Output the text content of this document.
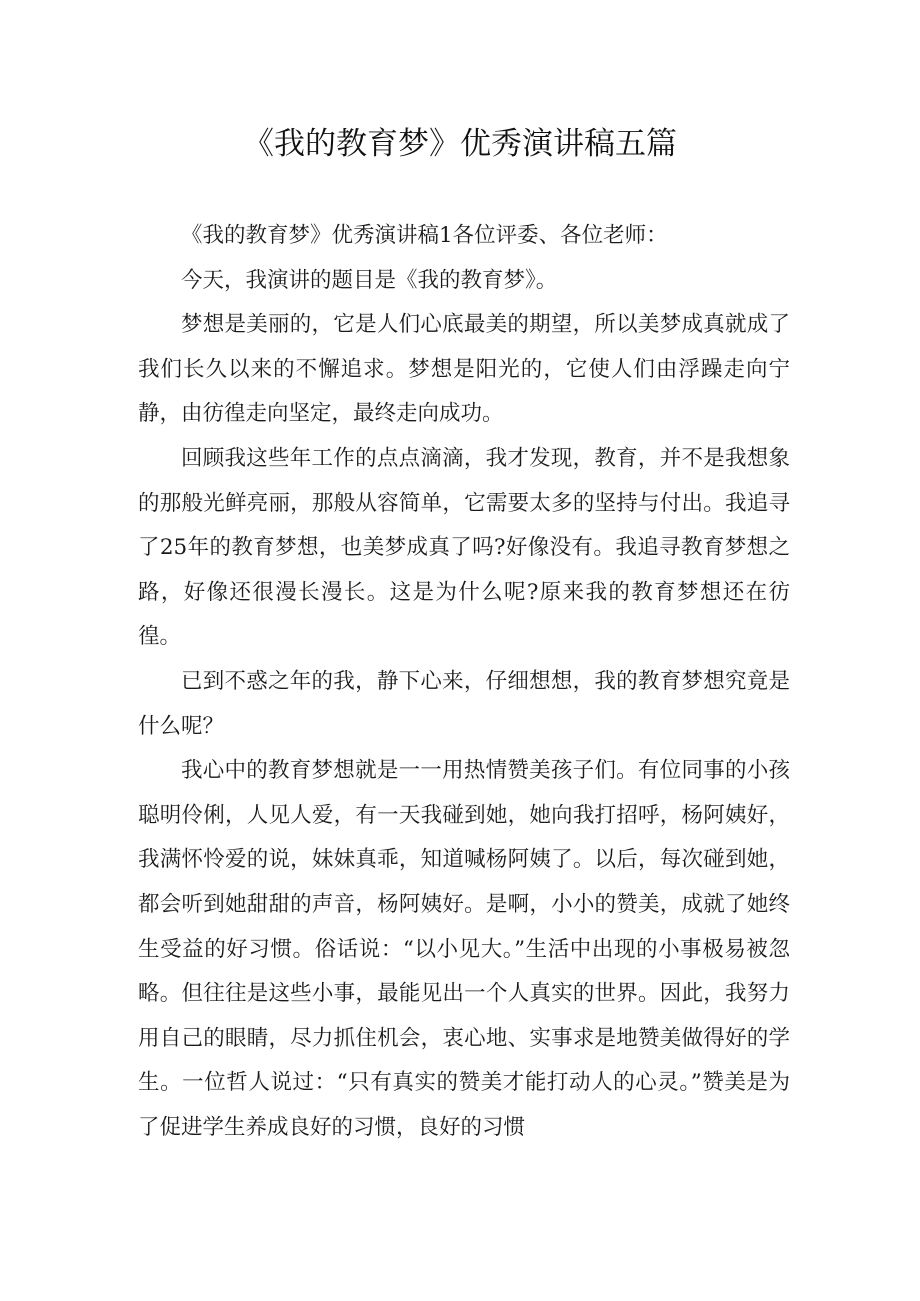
《我的教育梦》优秀演讲稿五篇

《我的教育梦》优秀演讲稿1各位评委、各位老师：

今天，我演讲的题目是《我的教育梦》。

梦想是美丽的，它是人们心底最美的期望，所以美梦成真就成了我们长久以来的不懈追求。梦想是阳光的，它使人们由浮躁走向宁静，由彷徨走向坚定，最终走向成功。

回顾我这些年工作的点点滴滴，我才发现，教育，并不是我想象的那般光鲜亮丽，那般从容简单，它需要太多的坚持与付出。我追寻了25年的教育梦想，也美梦成真了吗?好像没有。我追寻教育梦想之路，好像还很漫长漫长。这是为什么呢?原来我的教育梦想还在彷徨。

已到不惑之年的我，静下心来，仔细想想，我的教育梦想究竟是什么呢？

我心中的教育梦想就是一一用热情赞美孩子们。有位同事的小孩聪明伶俐，人见人爱，有一天我碰到她，她向我打招呼，杨阿姨好，我满怀怜爱的说，妹妹真乖，知道喊杨阿姨了。以后，每次碰到她，都会听到她甜甜的声音，杨阿姨好。是啊，小小的赞美，成就了她终生受益的好习惯。俗话说：“以小见大。”生活中出现的小事极易被忽略。但往往是这些小事，最能见出一个人真实的世界。因此，我努力用自己的眼睛，尽力抓住机会，衷心地、实事求是地赞美做得好的学生。一位哲人说过：“只有真实的赞美才能打动人的心灵。”赞美是为了促进学生养成良好的习惯，良好的习惯
